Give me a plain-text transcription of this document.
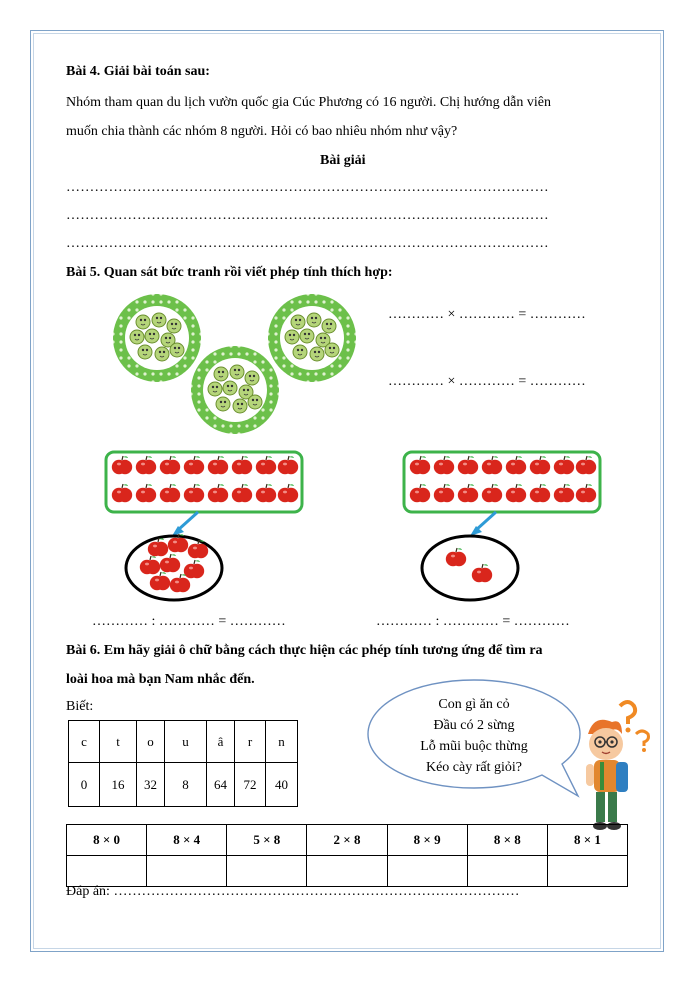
Bài 4. Giải bài toán sau:
Nhóm tham quan du lịch vườn quốc gia Cúc Phương có 16 người. Chị hướng dẫn viên
muốn chia thành các nhóm 8 người. Hỏi có bao nhiêu nhóm như vậy?
Bài giải
…………………………………………………………………………………………
…………………………………………………………………………………………
…………………………………………………………………………………………
Bài 5. Quan sát bức tranh rồi viết phép tính thích hợp:
………… × ………… = …………
………… × ………… = …………
………… : ………… = …………	………… : ………… = …………
Bài 6. Em hãy giải ô chữ bằng cách thực hiện các phép tính tương ứng để tìm ra
loài hoa mà bạn Nam nhắc đến.
Biết:
c	t	o	u	â	r	n
0	16	32	8	64	72	40
Con gì ăn cỏ
Đầu có 2 sừng
Lỗ mũi buộc thừng
Kéo cày rất giỏi?
8 × 0	8 × 4	5 × 8	2 × 8	8 × 9	8 × 8	8 × 1

Đáp án: ……………………………………………………………………………
